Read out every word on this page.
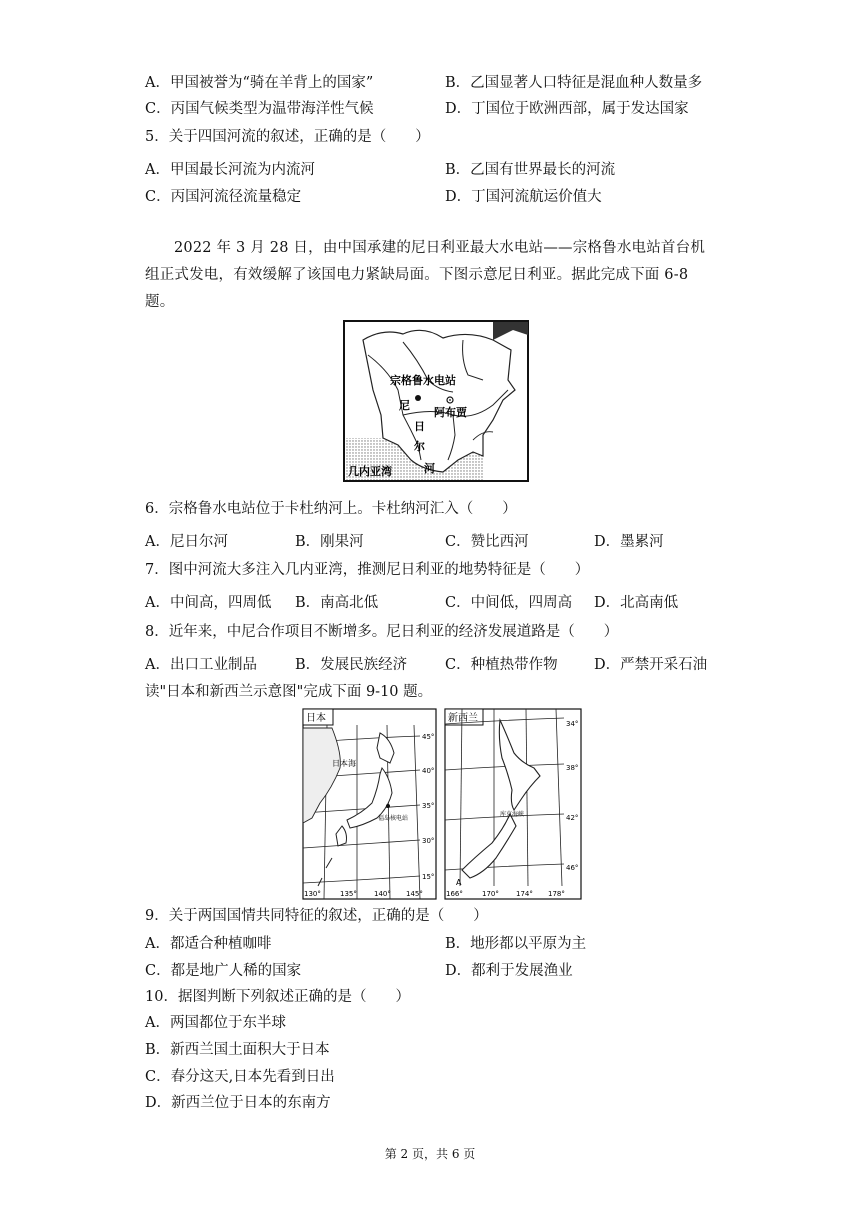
A．甲国被誉为“骑在羊背上的国家”	B．乙国显著人口特征是混血种人数量多
C．丙国气候类型为温带海洋性气候	D．丁国位于欧洲西部，属于发达国家
5．关于四国河流的叙述，正确的是（　　）
A．甲国最长河流为内流河	B．乙国有世界最长的河流
C．丙国河流径流量稳定	D．丁国河流航运价值大
2022 年 3 月 28 日，由中国承建的尼日利亚最大水电站——宗格鲁水电站首台机组正式发电，有效缓解了该国电力紧缺局面。下图示意尼日利亚。据此完成下面 6-8 题。
宗格鲁水电站
阿布贾
尼
日
尔
河
几内亚湾
6．宗格鲁水电站位于卡杜纳河上。卡杜纳河汇入（　　）
A．尼日尔河	B．刚果河	C．赞比西河	D．墨累河
7．图中河流大多注入几内亚湾，推测尼日利亚的地势特征是（　　）
A．中间高，四周低 B．南高北低	C．中间低，四周高 D．北高南低
8．近年来，中尼合作项目不断增多。尼日利亚的经济发展道路是（　　）
A．出口工业制品	B．发展民族经济	C．种植热带作物	D．严禁开采石油
读"日本和新西兰示意图"完成下面 9-10 题。
日本
日本海
福岛核电站
45°
40°
35°
30°
15°
130°	135° 140° 145°
新西兰
A
库克海峡
34°
38°
42°
46°
166°	170° 174° 178°
9．关于两国国情共同特征的叙述，正确的是（　　）
A．都适合种植咖啡	B．地形都以平原为主
C．都是地广人稀的国家	D．都利于发展渔业
10．据图判断下列叙述正确的是（　　）
A．两国都位于东半球
B．新西兰国土面积大于日本
C．春分这天,日本先看到日出
D．新西兰位于日本的东南方
第 2 页，共 6 页
